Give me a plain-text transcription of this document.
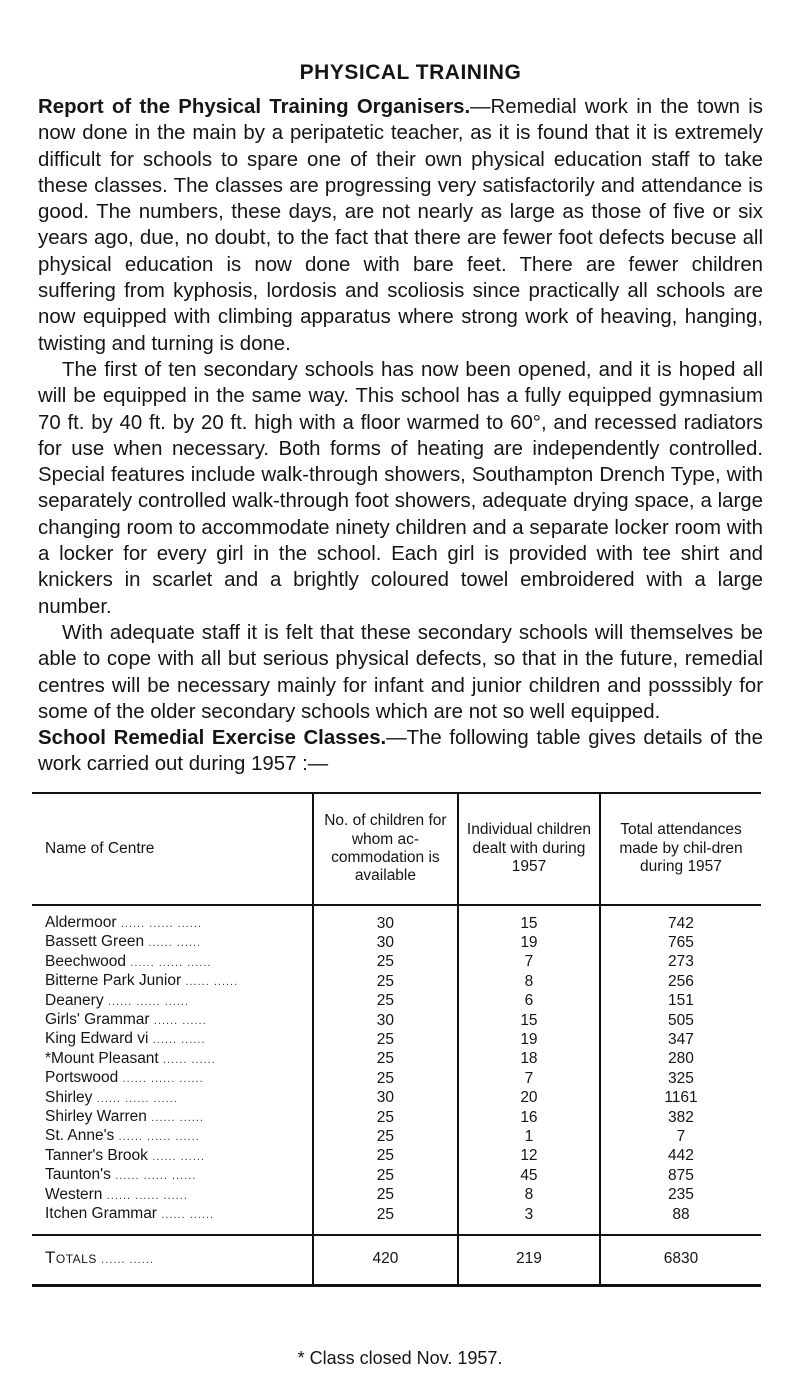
PHYSICAL TRAINING

Report of the Physical Training Organisers.—Remedial work in the town is now done in the main by a peripatetic teacher, as it is found that it is extremely difficult for schools to spare one of their own physical education staff to take these classes. The classes are progressing very satisfactorily and attendance is good. The numbers, these days, are not nearly as large as those of five or six years ago, due, no doubt, to the fact that there are fewer foot defects becuse all physical education is now done with bare feet. There are fewer children suffering from kyphosis, lordosis and scoliosis since practically all schools are now equipped with climbing apparatus where strong work of heaving, hanging, twisting and turning is done.

The first of ten secondary schools has now been opened, and it is hoped all will be equipped in the same way. This school has a fully equipped gymnasium 70 ft. by 40 ft. by 20 ft. high with a floor warmed to 60°, and recessed radiators for use when necessary. Both forms of heating are independently controlled. Special features include walk-through showers, Southampton Drench Type, with separately controlled walk-through foot showers, adequate drying space, a large changing room to accommodate ninety children and a separate locker room with a locker for every girl in the school. Each girl is provided with tee shirt and knickers in scarlet and a brightly coloured towel embroidered with a large number.

With adequate staff it is felt that these secondary schools will themselves be able to cope with all but serious physical defects, so that in the future, remedial centres will be necessary mainly for infant and junior children and posssibly for some of the older secondary schools which are not so well equipped.

School Remedial Exercise Classes.—The following table gives details of the work carried out during 1957 :—

Name of Centre	No. of children for whom ac-commodation is available	Individual children dealt with during 1957	Total attendances made by chil-dren during 1957
Aldermoor ...... ...... ......	30	15	742
Bassett Green ...... ......	30	19	765
Beechwood ...... ...... ......	25	7	273
Bitterne Park Junior ...... ......	25	8	256
Deanery ...... ...... ......	25	6	151
Girls' Grammar ...... ......	30	15	505
King Edward vi ...... ......	25	19	347
*Mount Pleasant ...... ......	25	18	280
Portswood ...... ...... ......	25	7	325
Shirley ...... ...... ......	30	20	1161
Shirley Warren ...... ......	25	16	382
St. Anne's ...... ...... ......	25	1	7
Tanner's Brook ...... ......	25	12	442
Taunton's ...... ...... ......	25	45	875
Western ...... ...... ......	25	8	235
Itchen Grammar ...... ......	25	3	88
Totals ...... ......	420	219	6830
* Class closed Nov. 1957.
